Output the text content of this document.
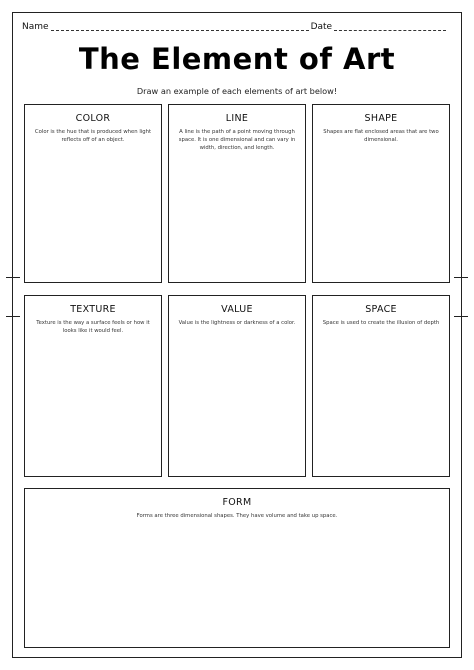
Name	Date
The Element of Art
Draw an example of each elements of art below!
COLOR

Color is the hue that is produced when light reflects off of an object.

LINE

A line is the path of a point moving through space. It is one dimensional and can vary in width, direction, and length.

SHAPE

Shapes are flat enclosed areas that are two dimensional.

TEXTURE

Texture is the way a surface feels or how it looks like it would feel.

VALUE

Value is the lightness or darkness of a color.

SPACE

Space is used to create the illusion of depth

FORM

Forms are three dimensional shapes. They have volume and take up space.
